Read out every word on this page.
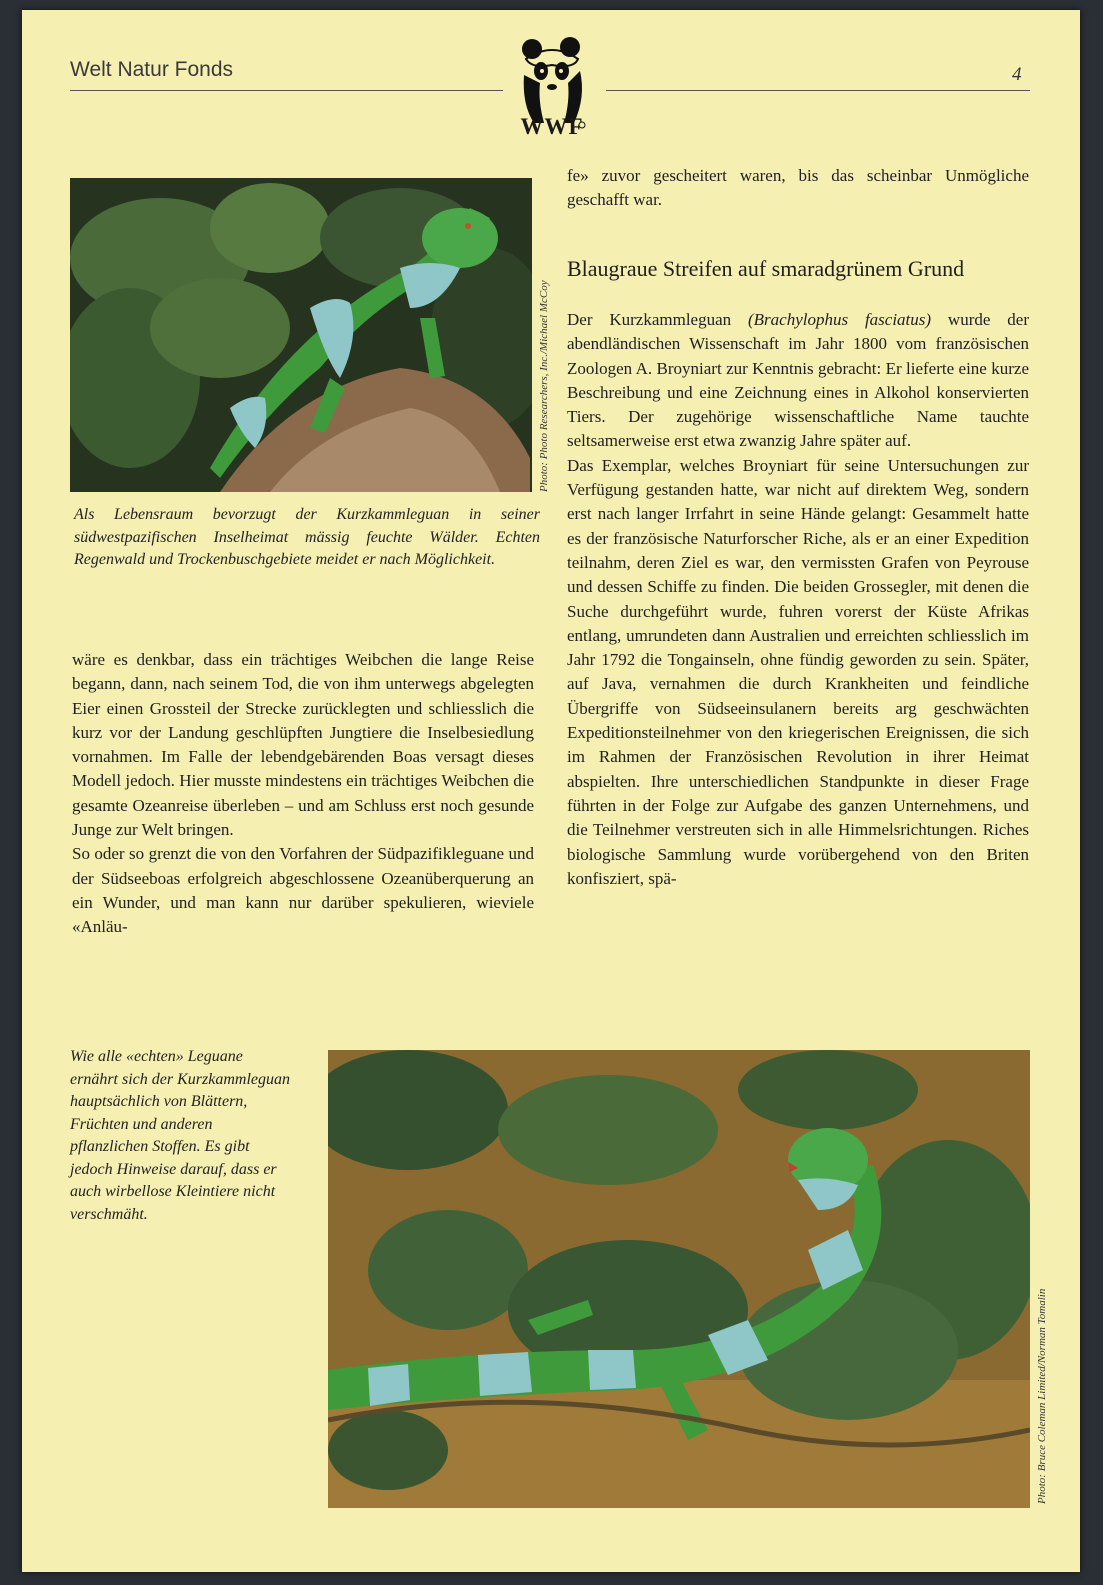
Welt Natur Fonds	4
WWF
Photo: Photo Researchers, Inc./Michael McCoy
Als Lebensraum bevorzugt der Kurzkammleguan in seiner südwestpazifischen Inselheimat mässig feuchte Wälder. Echten Regenwald und Trockenbuschgebiete meidet er nach Möglichkeit.

wäre es denkbar, dass ein trächtiges Weibchen die lange Reise begann, dann, nach seinem Tod, die von ihm unterwegs abgelegten Eier einen Grossteil der Strecke zurücklegten und schliesslich die kurz vor der Landung geschlüpften Jungtiere die Inselbesiedlung vornahmen. Im Falle der lebendgebärenden Boas versagt dieses Modell jedoch. Hier musste mindestens ein trächtiges Weibchen die gesamte Ozeanreise überleben – und am Schluss erst noch gesunde Junge zur Welt bringen.

So oder so grenzt die von den Vorfahren der Südpazifikleguane und der Südseeboas erfolgreich abgeschlossene Ozeanüberquerung an ein Wunder, und man kann nur darüber spekulieren, wieviele «Anläu-

fe» zuvor gescheitert waren, bis das scheinbar Unmögliche geschafft war.
Blaugraue Streifen auf smaradgrünem Grund

Der Kurzkammleguan (Brachylophus fasciatus) wurde der abendländischen Wissenschaft im Jahr 1800 vom französischen Zoologen A. Broyniart zur Kenntnis gebracht: Er lieferte eine kurze Beschreibung und eine Zeichnung eines in Alkohol konservierten Tiers. Der zugehörige wissenschaftliche Name tauchte seltsamerweise erst etwa zwanzig Jahre später auf.

Das Exemplar, welches Broyniart für seine Untersuchungen zur Verfügung gestanden hatte, war nicht auf direktem Weg, sondern erst nach langer Irrfahrt in seine Hände gelangt: Gesammelt hatte es der französische Naturforscher Riche, als er an einer Expedition teilnahm, deren Ziel es war, den vermissten Grafen von Peyrouse und dessen Schiffe zu finden. Die beiden Grossegler, mit denen die Suche durchgeführt wurde, fuhren vorerst der Küste Afrikas entlang, umrundeten dann Australien und erreichten schliesslich im Jahr 1792 die Tongainseln, ohne fündig geworden zu sein. Später, auf Java, vernahmen die durch Krankheiten und feindliche Übergriffe von Südseeinsulanern bereits arg geschwächten Expeditionsteilnehmer von den kriegerischen Ereignissen, die sich im Rahmen der Französischen Revolution in ihrer Heimat abspielten. Ihre unterschiedlichen Standpunkte in dieser Frage führten in der Folge zur Aufgabe des ganzen Unternehmens, und die Teilnehmer verstreuten sich in alle Himmelsrichtungen. Riches biologische Sammlung wurde vorübergehend von den Briten konfisziert, spä-

Wie alle «echten» Leguane ernährt sich der Kurzkammleguan hauptsächlich von Blättern, Früchten und anderen pflanzlichen Stoffen. Es gibt jedoch Hinweise darauf, dass er auch wirbellose Kleintiere nicht verschmäht.
Photo: Bruce Coleman Limited/Norman Tomalin
